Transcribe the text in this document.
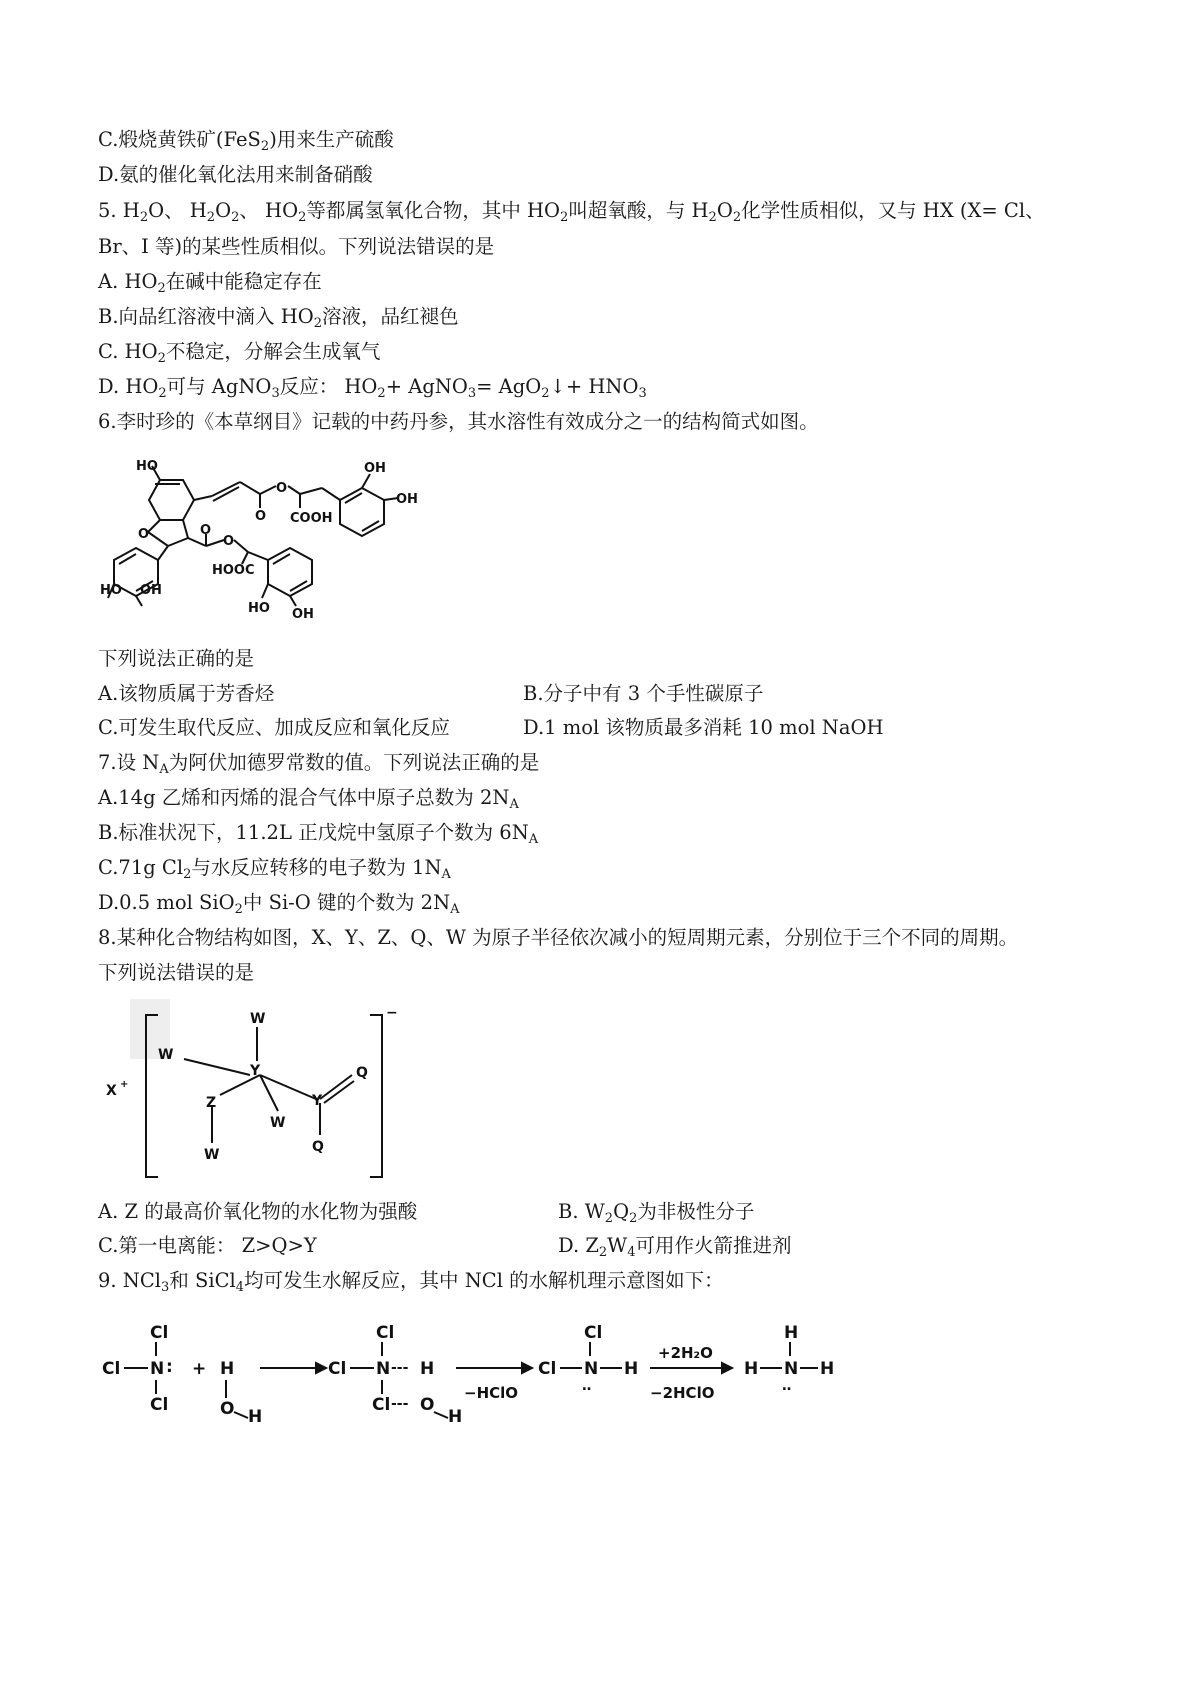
C.煅烧黄铁矿(FeS$_2$)用来生产硫酸
D.氨的催化氧化法用来制备硝酸
5. $H_2O$、 $H_2O_2$、 $HO_2$等都属氢氧化合物，其中 $HO_2$叫超氧酸，与 $H_2O_2$化学性质相似，又与 HX (X= Cl、
Br、I 等)的某些性质相似。下列说法错误的是
A. $HO_2$在碱中能稳定存在
B.向品红溶液中滴入 $HO_2$溶液，品红褪色
C. $HO_2$不稳定，分解会生成氧气
D. $HO_2$可与 AgNO$_3$反应： $HO_2+$ AgNO$_3$= AgO$_2$↓+ $HNO_3$
6.李时珍的《本草纲目》记载的中药丹参，其水溶性有效成分之一的结构简式如图。
HO	OH
OH
O
O
O
COOH
O
O
HOOC
HO OH
HO OH
下列说法正确的是
A.该物质属于芳香烃	B.分子中有 3 个手性碳原子
C.可发生取代反应、加成反应和氧化反应	D.1 mol 该物质最多消耗 10 mol NaOH
7.设 $N_A$为阿伏加德罗常数的值。下列说法正确的是
A.14g 乙烯和丙烯的混合气体中原子总数为 $2N_A$
B.标准状况下，11.2L 正戊烷中氢原子个数为 $6N_A$
C.71g $Cl_2$与水反应转移的电子数为 $1N_A$
D.0.5 mol SiO$_2$中 Si-O 键的个数为 $2N_A$
8.某种化合物结构如图，X、Y、Z、Q、W 为原子半径依次减小的短周期元素，分别位于三个不同的周期。
下列说法错误的是
X +
−
W
W
W
W
Y
Y
Z
Q
Q
A. Z 的最高价氧化物的水化物为强酸	B. $W_2Q_2$为非极性分子
C.第一电离能： Z>Q>Y	D. $Z_2W_4$可用作火箭推进剂
9. NCl$_3$和 SiCl$_4$均可发生水解反应，其中 NCl 的水解机理示意图如下：
Cl
Cl N :
Cl
+ H
O H
Cl
Cl N --- H
Cl --- O
H
−HClO
Cl
Cl N
‥
H
+2H₂O
−2HClO
H
H N
‥
H
